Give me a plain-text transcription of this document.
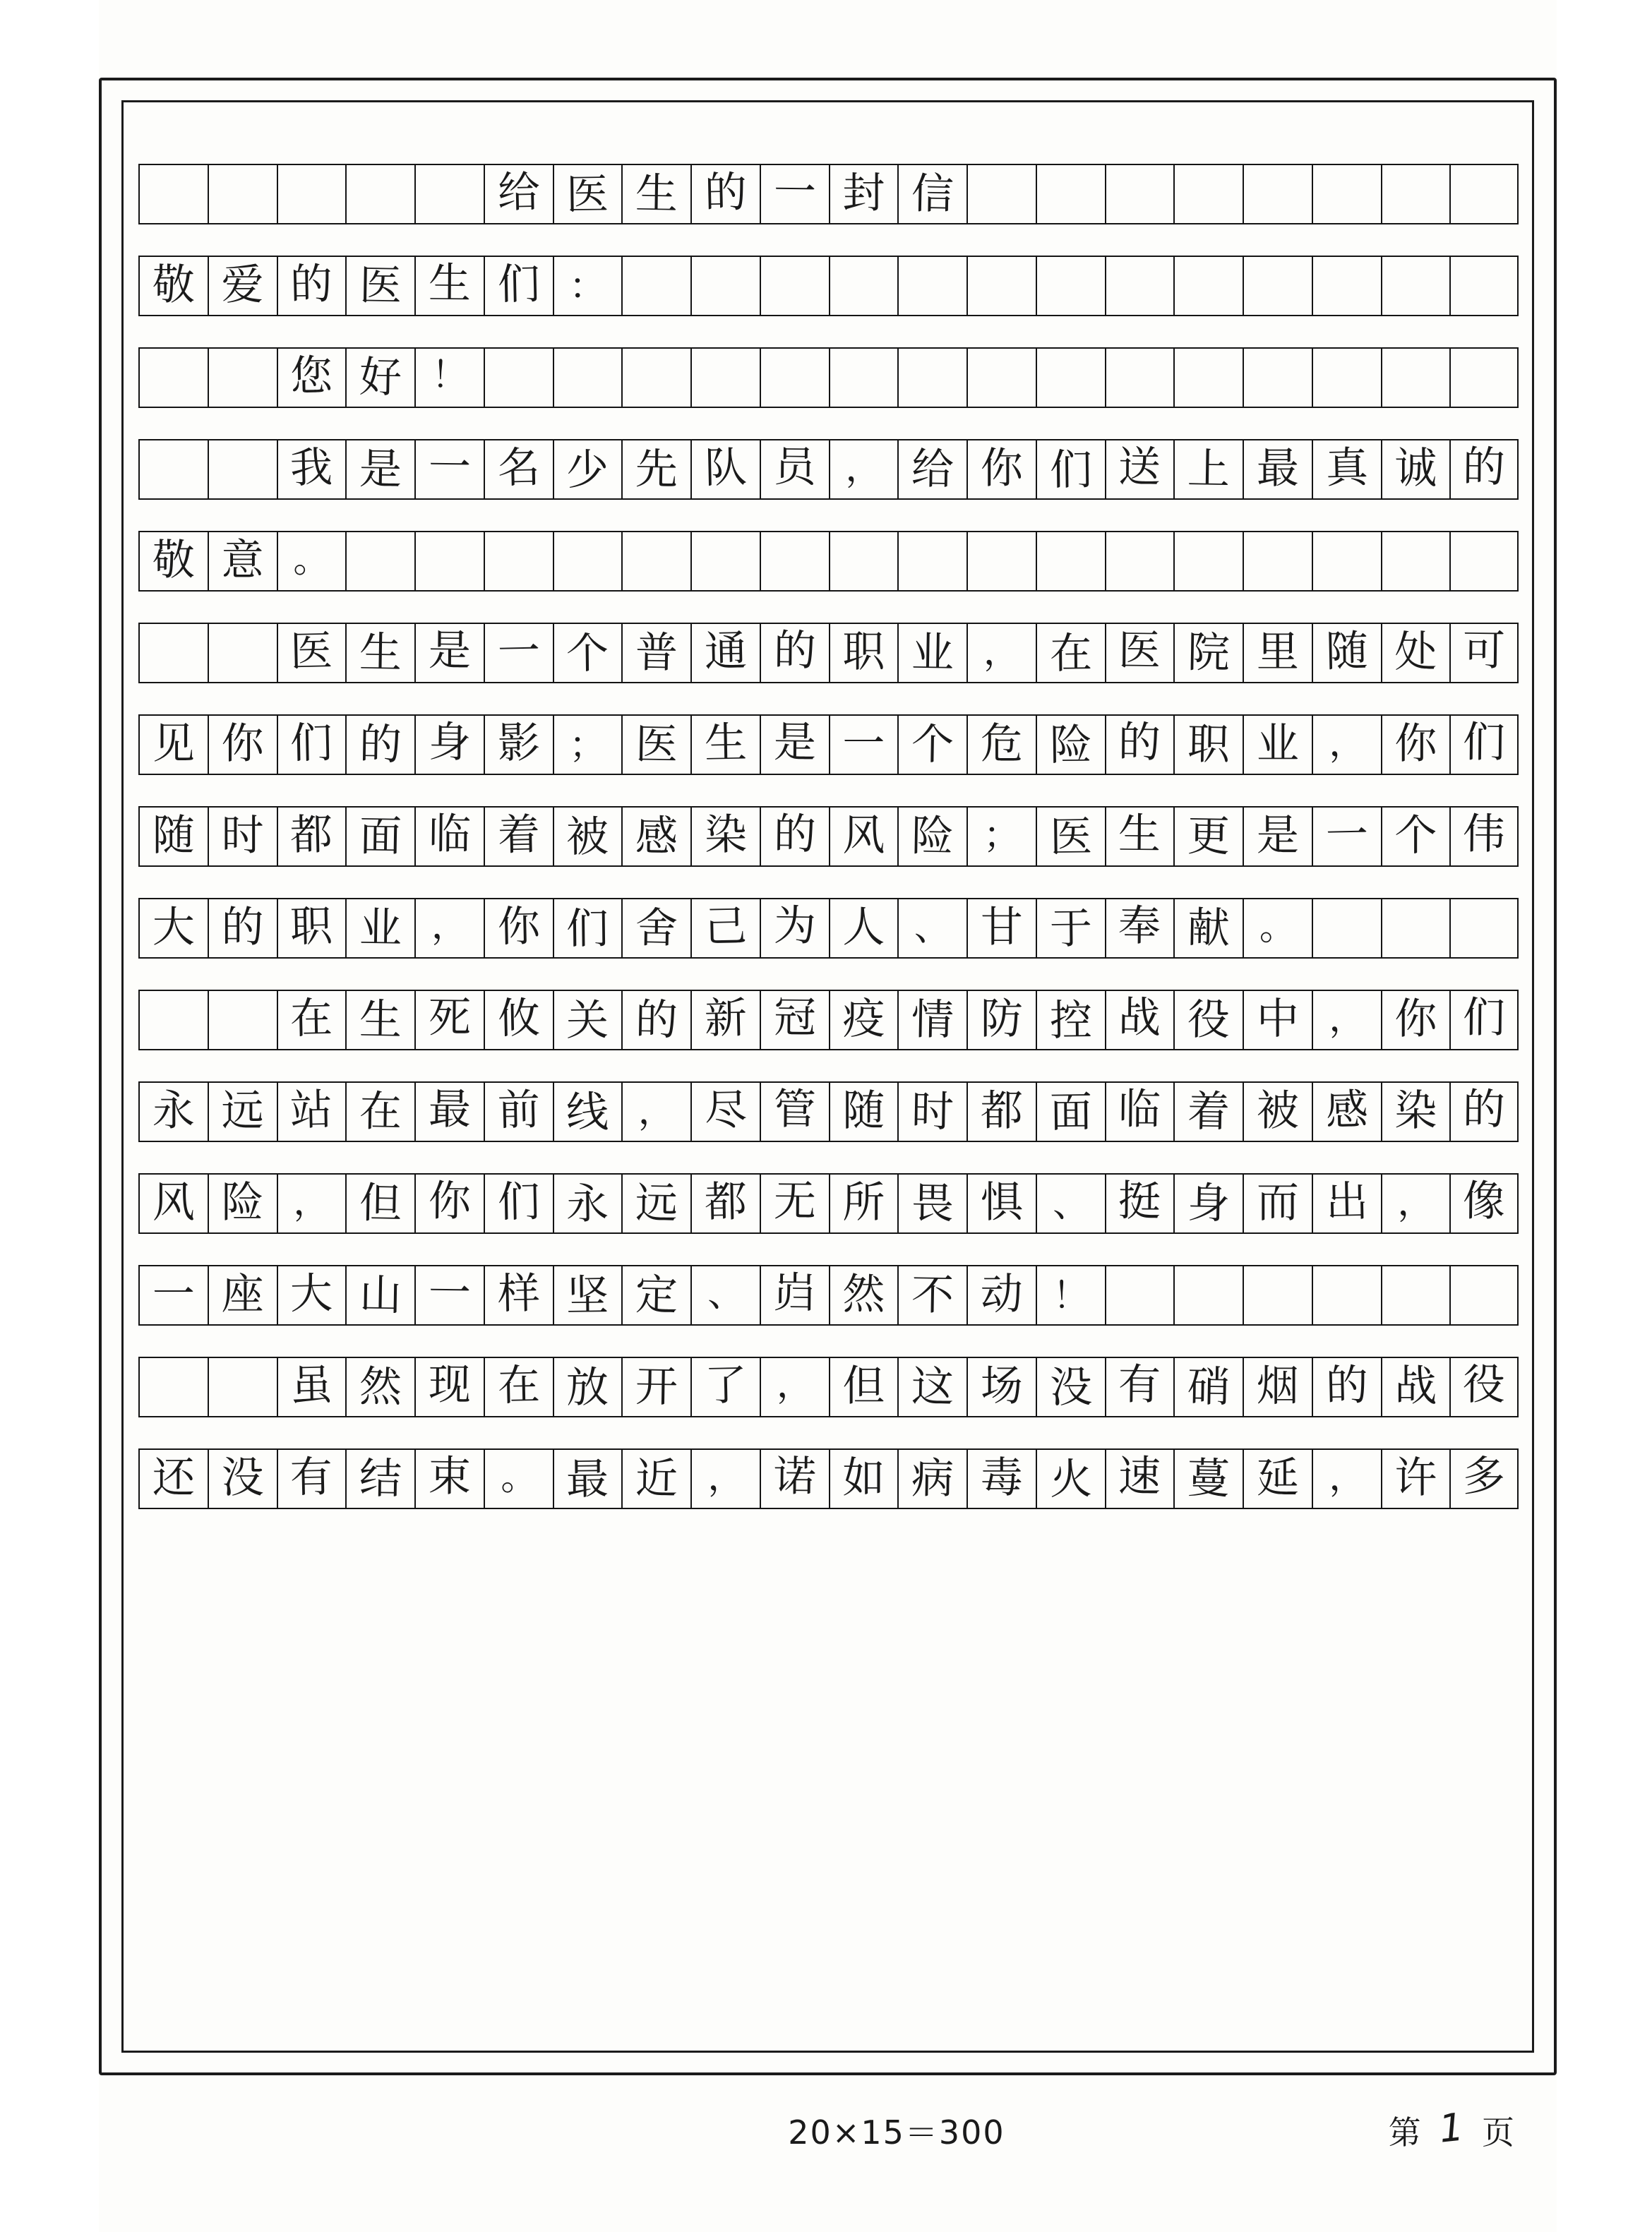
给 医 生 的 一 封 信
敬 爱 的 医 生 们 ：
您 好 ！
我 是 一 名 少 先 队 员 ， 给 你 们 送 上 最 真 诚 的
敬 意 。
医 生 是 一 个 普 通 的 职 业 ， 在 医 院 里 随 处 可
见 你 们 的 身 影 ； 医 生 是 一 个 危 险 的 职 业 ， 你 们
随 时 都 面 临 着 被 感 染 的 风 险 ； 医 生 更 是 一 个 伟
大 的 职 业 ， 你 们 舍 己 为 人 、 甘 于 奉 献 。
在 生 死 攸 关 的 新 冠 疫 情 防 控 战 役 中 ， 你 们
永 远 站 在 最 前 线 ， 尽 管 随 时 都 面 临 着 被 感 染 的
风 险 ， 但 你 们 永 远 都 无 所 畏 惧 、 挺 身 而 出 ， 像
一 座 大 山 一 样 坚 定 、 岿 然 不 动 ！
虽 然 现 在 放 开 了 ， 但 这 场 没 有 硝 烟 的 战 役
还 没 有 结 束 。 最 近 ， 诺 如 病 毒 火 速 蔓 延 ， 许 多
20×15＝300	第 1 页
